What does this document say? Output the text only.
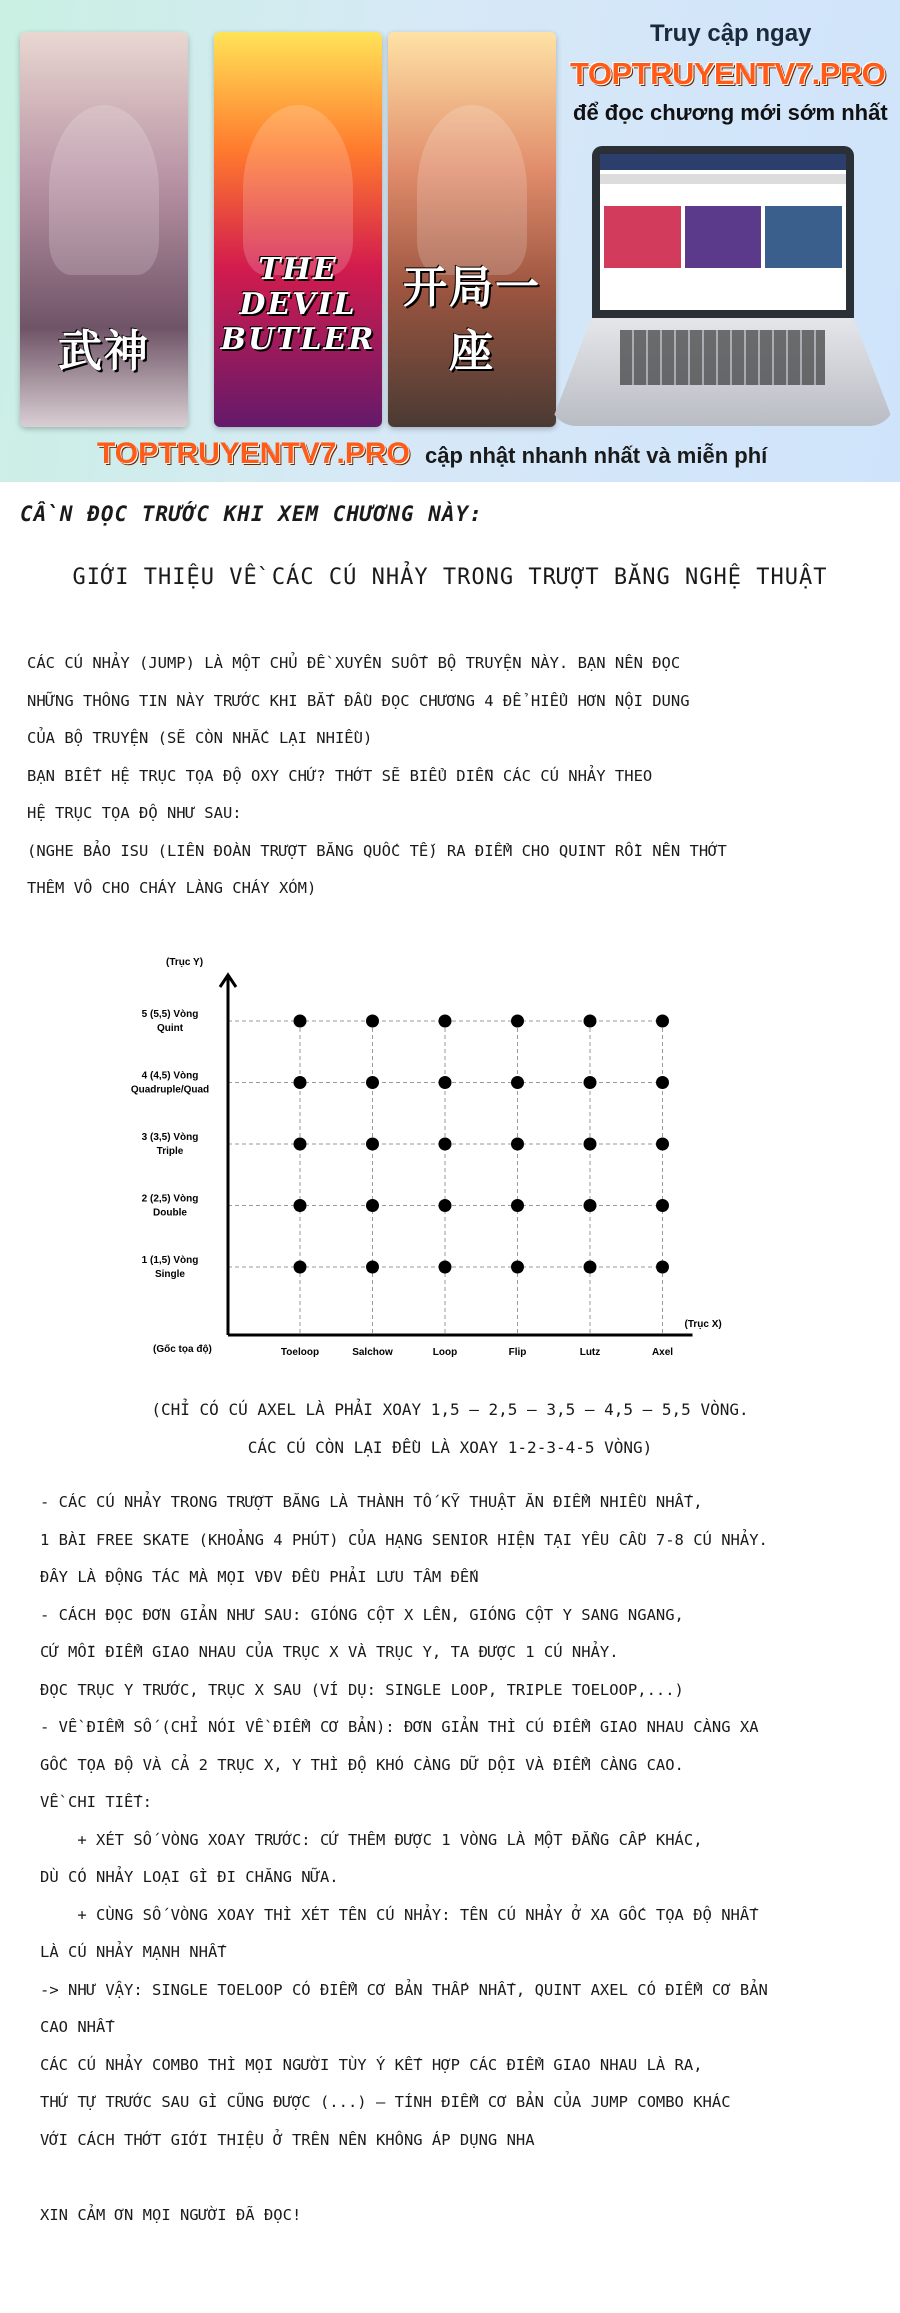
武神
THE DEVIL BUTLER
开局一座
Truy cập ngay
TOPTRUYENTV7.PRO
để đọc chương mới sớm nhất
TOPTRUYENTV7.PRO cập nhật nhanh nhất và miễn phí
CẦN ĐỌC TRƯỚC KHI XEM CHƯƠNG NÀY:
GIỚI THIỆU VỀ CÁC CÚ NHẢY TRONG TRƯỢT BĂNG NGHỆ THUẬT
CÁC CÚ NHẢY (JUMP) LÀ MỘT CHỦ ĐỀ XUYÊN SUỐT BỘ TRUYỆN NÀY. BẠN NÊN ĐỌC
NHỮNG THÔNG TIN NÀY TRƯỚC KHI BẮT ĐẦU ĐỌC CHƯƠNG 4 ĐỂ HIỂU HƠN NỘI DUNG
CỦA BỘ TRUYỆN (SẼ CÒN NHẮC LẠI NHIỀU)
BẠN BIẾT HỆ TRỤC TỌA ĐỘ OXY CHỨ? THỚT SẼ BIỂU DIỄN CÁC CÚ NHẢY THEO
HỆ TRỤC TỌA ĐỘ NHƯ SAU:
(NGHE BẢO ISU (LIÊN ĐOÀN TRƯỢT BĂNG QUỐC TẾ) RA ĐIỂM CHO QUINT RỒI NÊN THỚT
THÊM VÔ CHO CHÁY LÀNG CHÁY XÓM)
(Trục Y)
(Trục X)
(Gốc tọa độ)	Toeloop	Salchow	Loop	Flip	Lutz	Axel
1 (1,5) Vòng
Single
2 (2,5) Vòng
Double
3 (3,5) Vòng
Triple
4 (4,5) Vòng
Quadruple/Quad
5 (5,5) Vòng
Quint
(CHỈ CÓ CÚ AXEL LÀ PHẢI XOAY 1,5 – 2,5 – 3,5 – 4,5 – 5,5 VÒNG.
CÁC CÚ CÒN LẠI ĐỀU LÀ XOAY 1-2-3-4-5 VÒNG)
- CÁC CÚ NHẢY TRONG TRƯỢT BĂNG LÀ THÀNH TỐ KỸ THUẬT ĂN ĐIỂM NHIỀU NHẤT,
1 BÀI FREE SKATE (KHOẢNG 4 PHÚT) CỦA HẠNG SENIOR HIỆN TẠI YÊU CẦU 7-8 CÚ NHẢY.
ĐÂY LÀ ĐỘNG TÁC MÀ MỌI VĐV ĐỀU PHẢI LƯU TÂM ĐẾN
- CÁCH ĐỌC ĐƠN GIẢN NHƯ SAU: GIÓNG CỘT X LÊN, GIÓNG CỘT Y SANG NGANG,
CỨ MỖI ĐIỂM GIAO NHAU CỦA TRỤC X VÀ TRỤC Y, TA ĐƯỢC 1 CÚ NHẢY.
ĐỌC TRỤC Y TRƯỚC, TRỤC X SAU (VÍ DỤ: SINGLE LOOP, TRIPLE TOELOOP,...)
- VỀ ĐIỂM SỐ (CHỈ NÓI VỀ ĐIỂM CƠ BẢN): ĐƠN GIẢN THÌ CÚ ĐIỂM GIAO NHAU CÀNG XA
GỐC TỌA ĐỘ VÀ CẢ 2 TRỤC X, Y THÌ ĐỘ KHÓ CÀNG DỮ DỘI VÀ ĐIỂM CÀNG CAO.
VỀ CHI TIẾT:
+ XÉT SỐ VÒNG XOAY TRƯỚC: CỨ THÊM ĐƯỢC 1 VÒNG LÀ MỘT ĐẲNG CẤP KHÁC,
DÙ CÓ NHẢY LOẠI GÌ ĐI CHĂNG NỮA.
+ CÙNG SỐ VÒNG XOAY THÌ XÉT TÊN CÚ NHẢY: TÊN CÚ NHẢY Ở XA GỐC TỌA ĐỘ NHẤT
LÀ CÚ NHẢY MẠNH NHẤT
-> NHƯ VẬY: SINGLE TOELOOP CÓ ĐIỂM CƠ BẢN THẤP NHẤT, QUINT AXEL CÓ ĐIỂM CƠ BẢN
CAO NHẤT
CÁC CÚ NHẢY COMBO THÌ MỌI NGƯỜI TÙY Ý KẾT HỢP CÁC ĐIỂM GIAO NHAU LÀ RA,
THỨ TỰ TRƯỚC SAU GÌ CŨNG ĐƯỢC (...) – TÍNH ĐIỂM CƠ BẢN CỦA JUMP COMBO KHÁC
VỚI CÁCH THỚT GIỚI THIỆU Ở TRÊN NÊN KHÔNG ÁP DỤNG NHA
XIN CẢM ƠN MỌI NGƯỜI ĐÃ ĐỌC!
